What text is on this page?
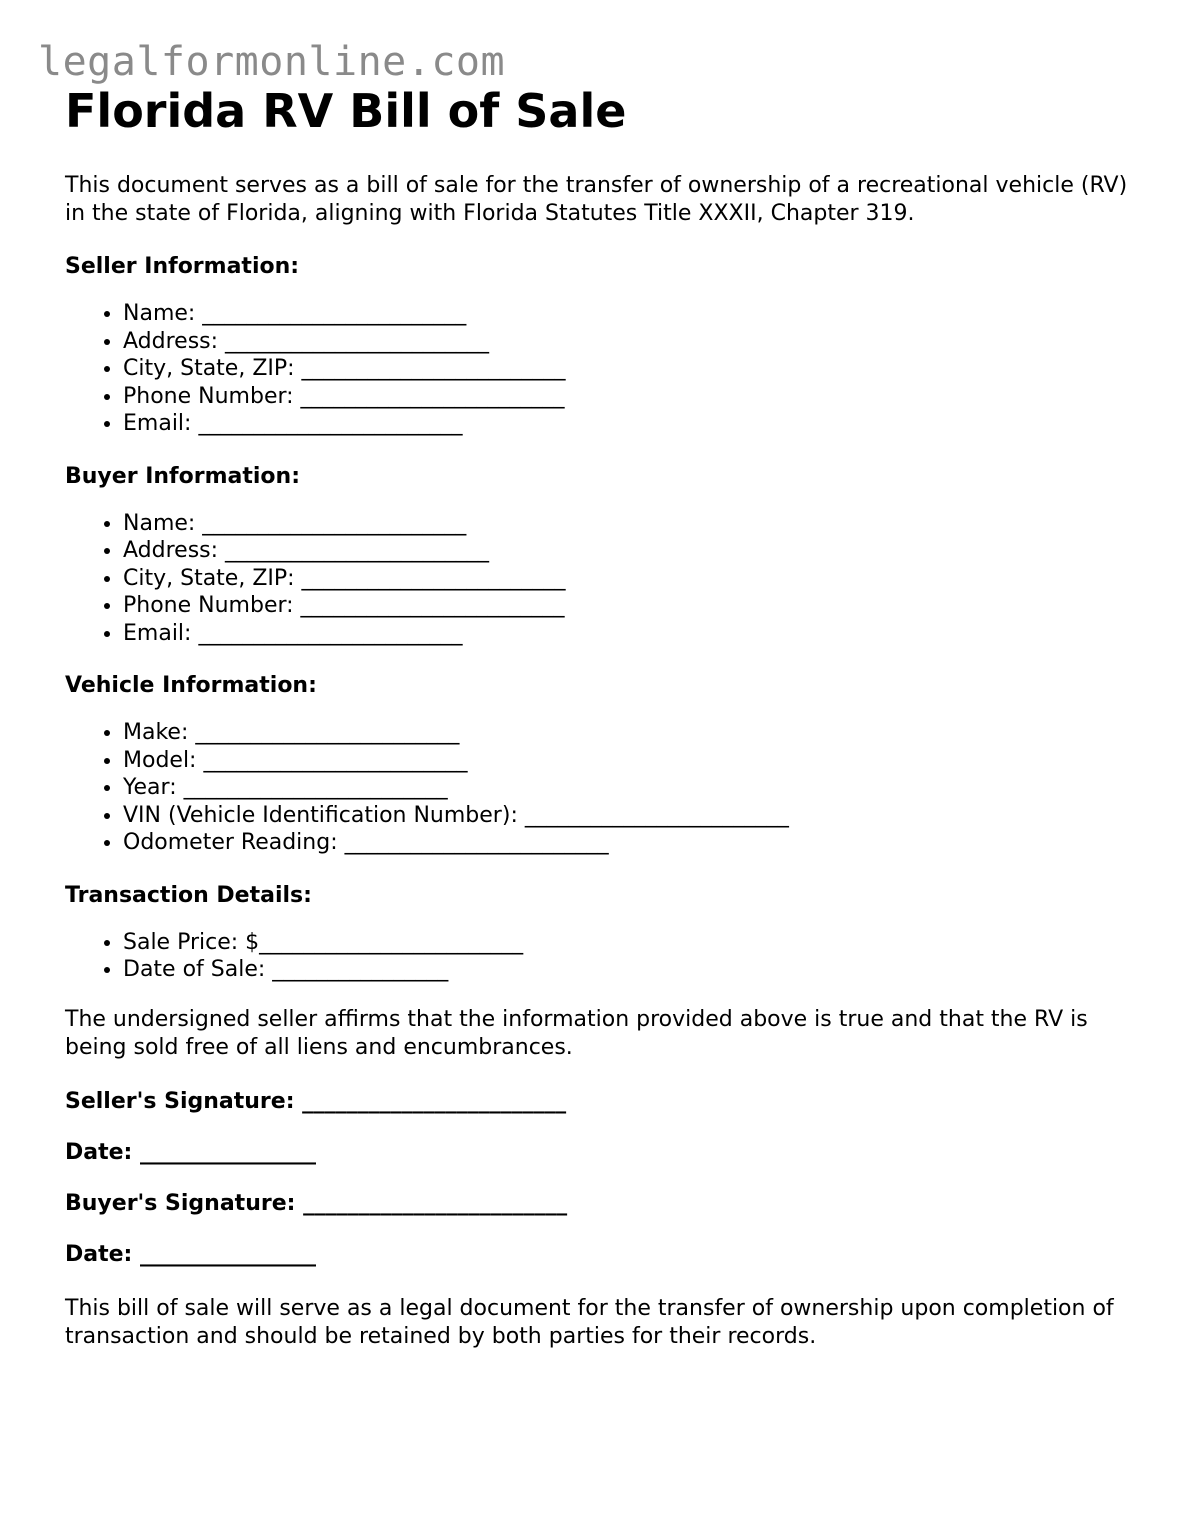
legalformonline.com
Florida RV Bill of Sale

This document serves as a bill of sale for the transfer of ownership of a recreational vehicle (RV) in the state of Florida, aligning with Florida Statutes Title XXXII, Chapter 319.

Seller Information:
• Name: ________________________
• Address: ________________________
• City, State, ZIP: ________________________
• Phone Number: ________________________
• Email: ________________________
Buyer Information:
• Name: ________________________
• Address: ________________________
• City, State, ZIP: ________________________
• Phone Number: ________________________
• Email: ________________________
Vehicle Information:
• Make: ________________________
• Model: ________________________
• Year: ________________________
• VIN (Vehicle Identification Number): ________________________
• Odometer Reading: ________________________
Transaction Details:
• Sale Price: $________________________
• Date of Sale: ________________

The undersigned seller affirms that the information provided above is true and that the RV is being sold free of all liens and encumbrances.

Seller's Signature: ________________________
Date: ________________
Buyer's Signature: ________________________
Date: ________________

This bill of sale will serve as a legal document for the transfer of ownership upon completion of transaction and should be retained by both parties for their records.
